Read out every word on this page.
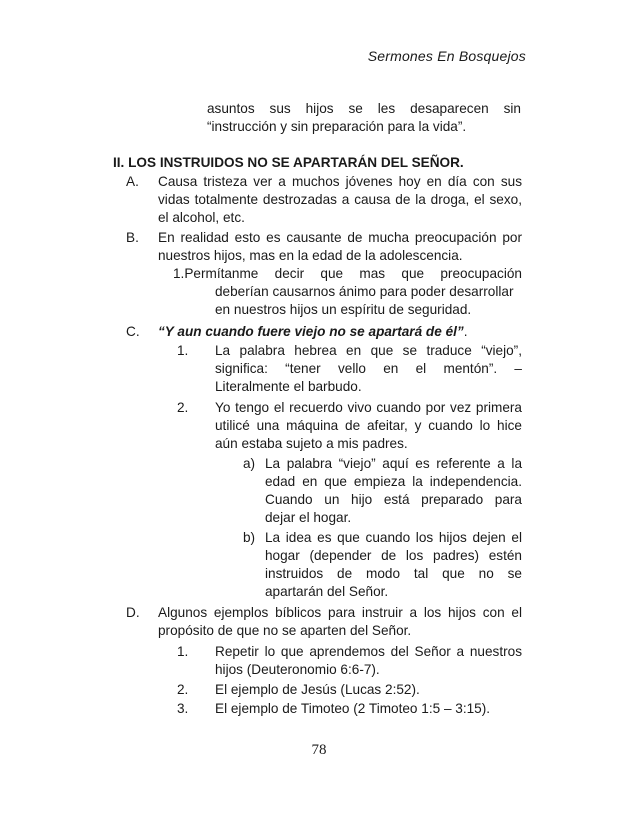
Sermones En Bosquejos
asuntos sus hijos se les desaparecen sin
“instrucción y sin preparación para la vida”.
II. LOS INSTRUIDOS NO SE APARTARÁN DEL SEÑOR.
A. Causa tristeza ver a muchos jóvenes hoy en día con sus
vidas totalmente destrozadas a causa de la droga, el sexo,
el alcohol, etc.
B. En realidad esto es causante de mucha preocupación por
nuestros hijos, mas en la edad de la adolescencia.
1.Permítanme decir que mas que preocupación
deberían causarnos ánimo para poder desarrollar
en nuestros hijos un espíritu de seguridad.
C. “Y aun cuando fuere viejo no se apartará de él”.
1. La palabra hebrea en que se traduce “viejo”,
significa: “tener vello en el mentón”. –
Literalmente el barbudo.
2. Yo tengo el recuerdo vivo cuando por vez primera
utilicé una máquina de afeitar, y cuando lo hice
aún estaba sujeto a mis padres.
a) La palabra “viejo” aquí es referente a la
edad en que empieza la independencia.
Cuando un hijo está preparado para
dejar el hogar.
b) La idea es que cuando los hijos dejen el
hogar (depender de los padres) estén
instruidos de modo tal que no se
apartarán del Señor.
D. Algunos ejemplos bíblicos para instruir a los hijos con el
propósito de que no se aparten del Señor.
1. Repetir lo que aprendemos del Señor a nuestros
hijos (Deuteronomio 6:6-7).
2. El ejemplo de Jesús (Lucas 2:52).
3. El ejemplo de Timoteo (2 Timoteo 1:5 – 3:15).
78
